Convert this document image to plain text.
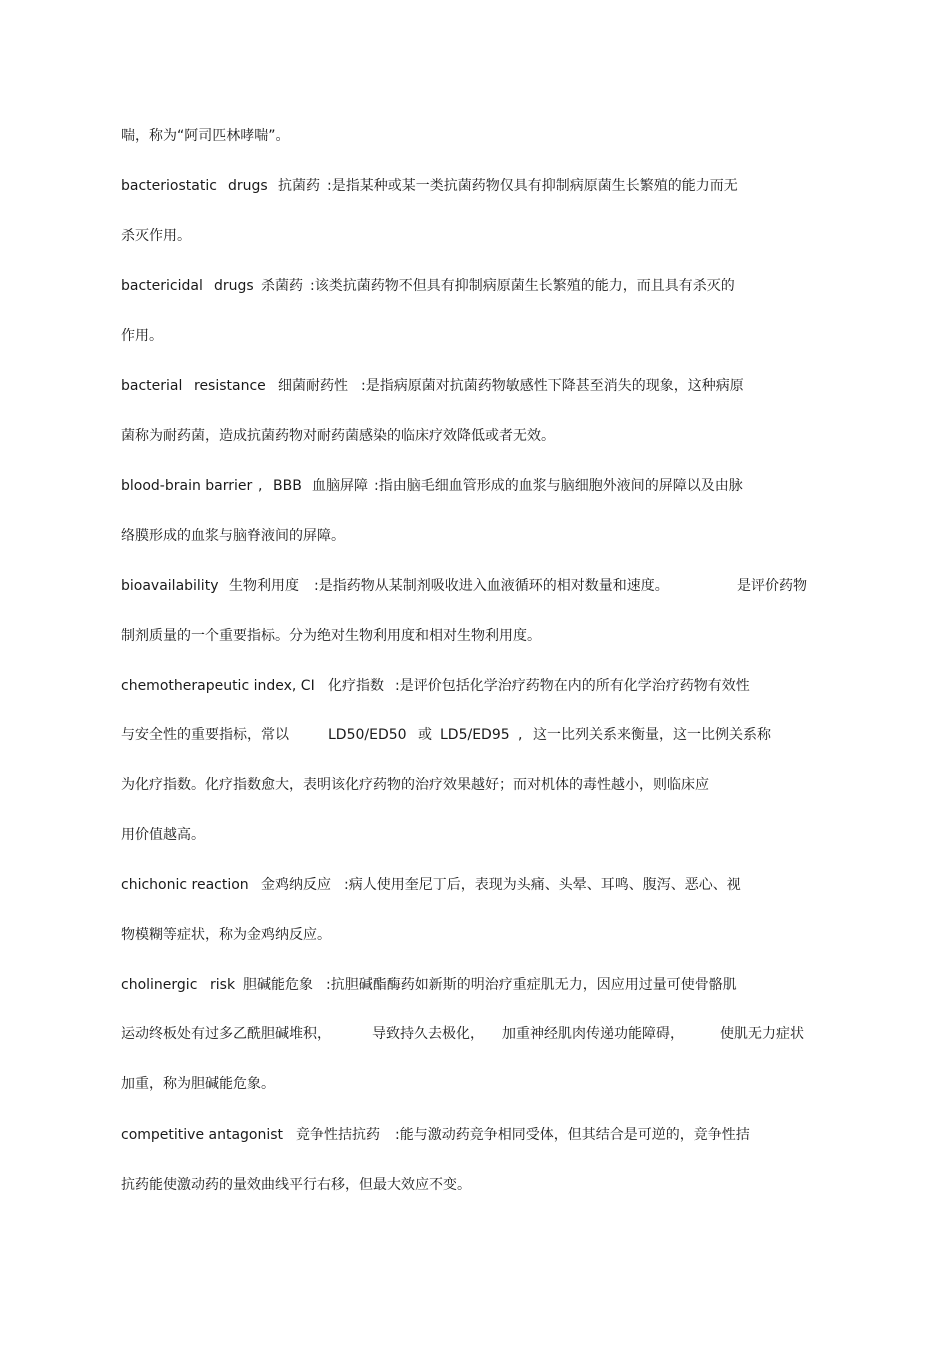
喘，称为“阿司匹林哮喘”。
bacteriostatic drugs 抗菌药 :是指某种或某一类抗菌药物仅具有抑制病原菌生长繁殖的能力而无
杀灭作用。
bactericidal drugs 杀菌药 :该类抗菌药物不但具有抑制病原菌生长繁殖的能力，而且具有杀灭的
作用。
bacterial resistance 细菌耐药性 :是指病原菌对抗菌药物敏感性下降甚至消失的现象，这种病原
菌称为耐药菌，造成抗菌药物对耐药菌感染的临床疗效降低或者无效。
blood-brain barrier , BBB 血脑屏障 :指由脑毛细血管形成的血浆与脑细胞外液间的屏障以及由脉
络膜形成的血浆与脑脊液间的屏障。
bioavailability 生物利用度 :是指药物从某制剂吸收进入血液循环的相对数量和速度。	是评价药物
制剂质量的一个重要指标。分为绝对生物利用度和相对生物利用度。
chemotherapeutic index, CI 化疗指数 :是评价包括化学治疗药物在内的所有化学治疗药物有效性
与安全性的重要指标，常以	LD50/ED50 或 LD5/ED95 , 这一比列关系来衡量，这一比例关系称
为化疗指数。化疗指数愈大，表明该化疗药物的治疗效果越好；而对机体的毒性越小，则临床应
用价值越高。
chichonic reaction 金鸡纳反应 :病人使用奎尼丁后，表现为头痛、头晕、耳鸣、腹泻、恶心、视
物模糊等症状，称为金鸡纳反应。
cholinergic risk 胆碱能危象 :抗胆碱酯酶药如新斯的明治疗重症肌无力，因应用过量可使骨骼肌
运动终板处有过多乙酰胆碱堆积，	导致持久去极化， 加重神经肌肉传递功能障碍，	使肌无力症状
加重，称为胆碱能危象。
competitive antagonist 竞争性拮抗药 :能与激动药竞争相同受体，但其结合是可逆的，竞争性拮
抗药能使激动药的量效曲线平行右移，但最大效应不变。
